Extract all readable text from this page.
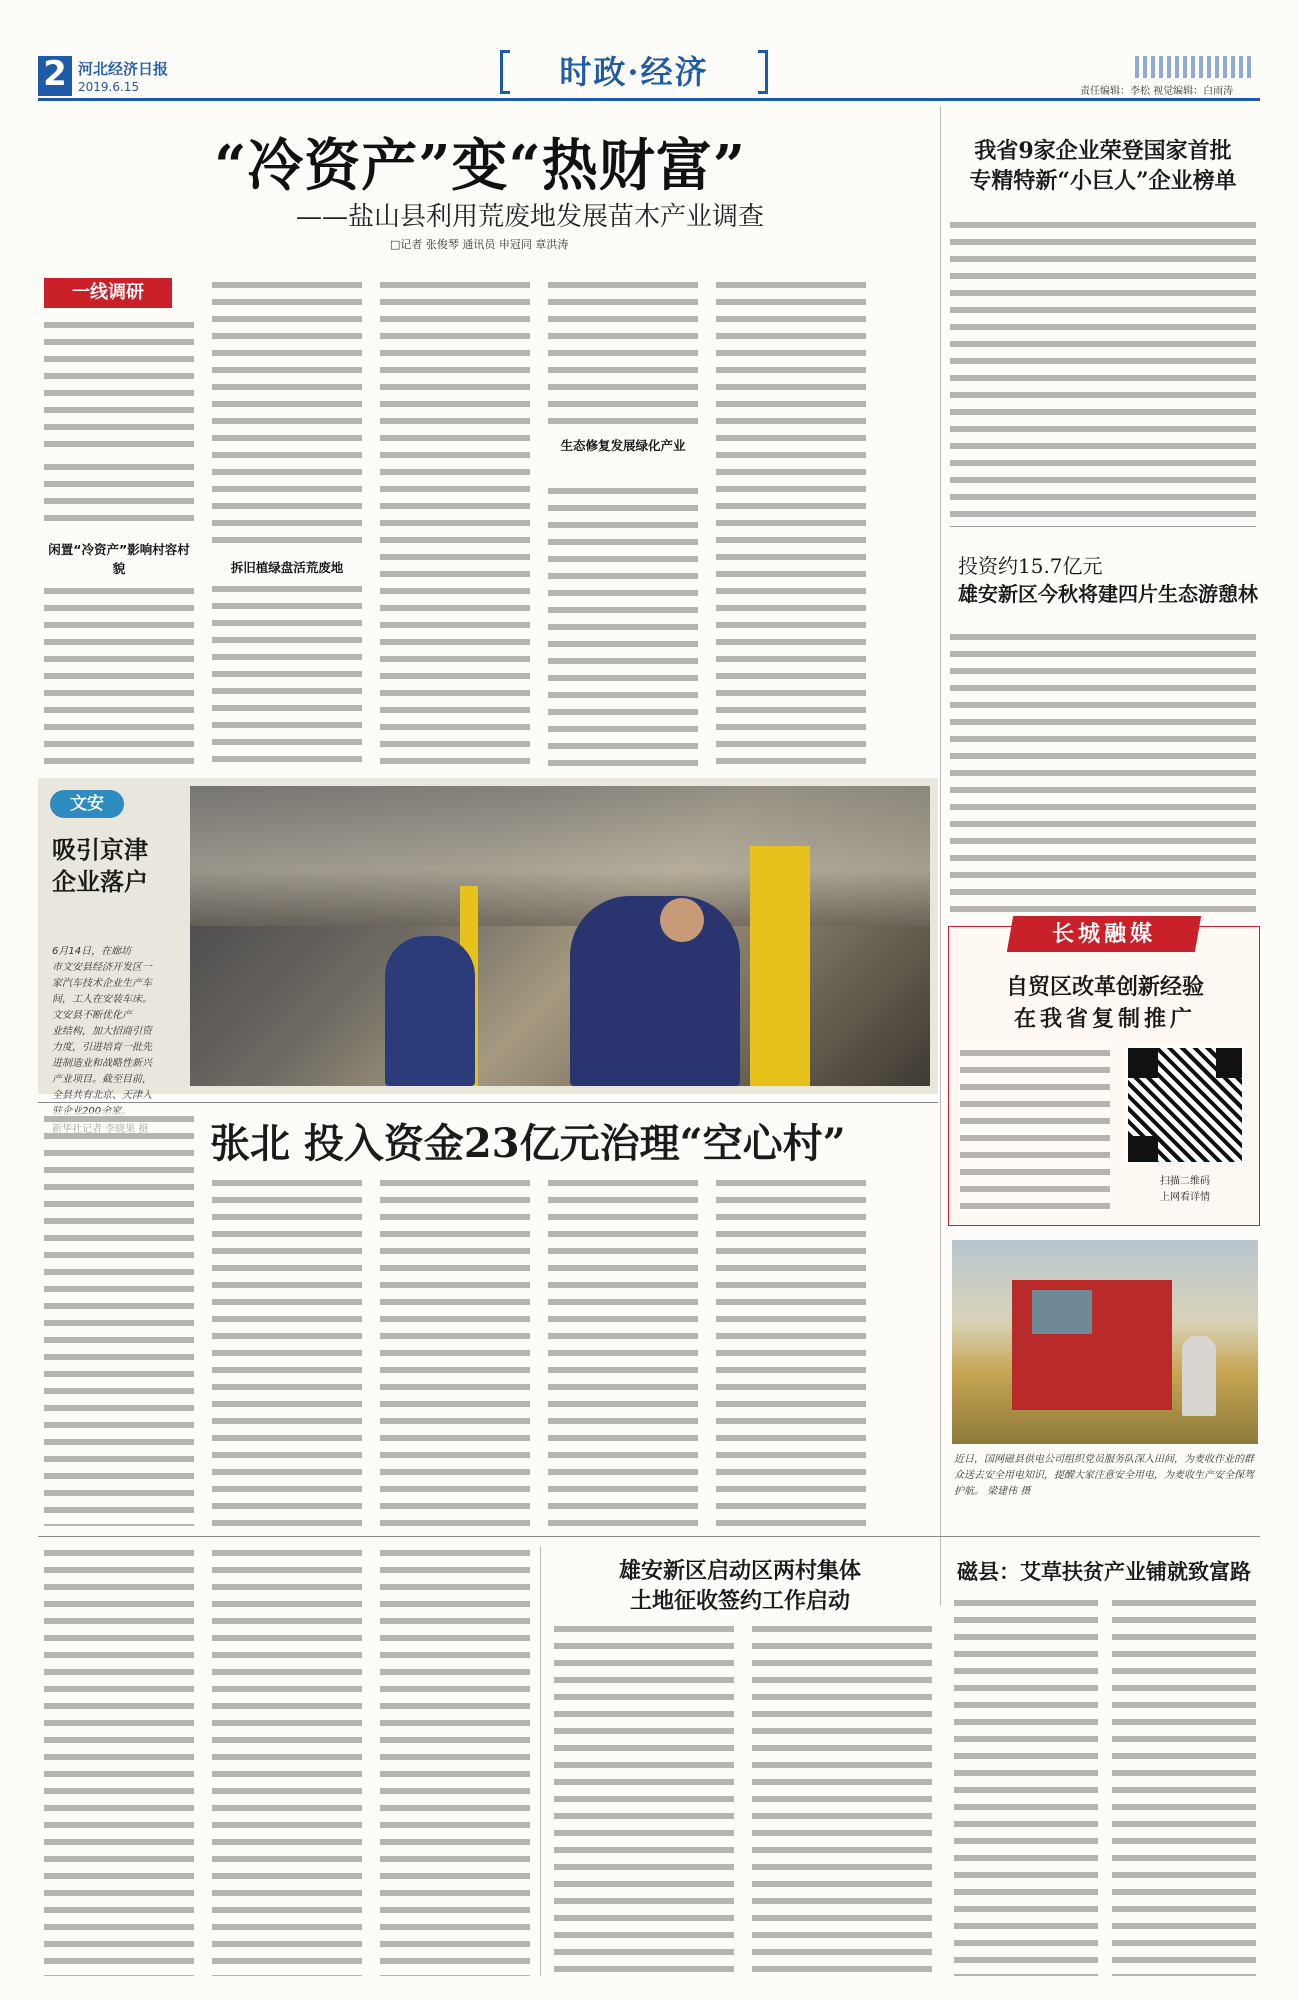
2 河北经济日报
2019.6.15	时政·经济
责任编辑：李松 视觉编辑：白雨涛
“冷资产”变“热财富”
——盐山县利用荒废地发展苗木产业调查
□记者 张俊琴 通讯员 申冠同 章洪涛
一线调研
闲置“冷资产”影响村容村貌	拆旧植绿盘活荒废地
生态修复发展绿化产业
我省9家企业荣登国家首批
专精特新“小巨人”企业榜单
投资约15.7亿元
雄安新区今秋将建四片生态游憩林
文安
吸引京津
企业落户
6月14日，在廊坊
市文安县经济开发区一
家汽车技术企业生产车
间，工人在安装车床。
文安县不断优化产
业结构，加大招商引资
力度，引进培育一批先
进制造业和战略性新兴
产业项目。截至目前，
全县共有北京、天津入
长城融媒
自贸区改革创新经验
在我省复制推广
扫描二维码
上网看详情
张北 投入资金23亿元治理“空心村”
近日，国网磁县供电公司组织党员服务队深入田间，为麦收作业的群众送去安全用电知识，提醒大家注意安全用电，为麦收生产安全保驾护航。 梁建伟 摄
雄安新区启动区两村集体
土地征收签约工作启动
磁县：艾草扶贫产业铺就致富路
